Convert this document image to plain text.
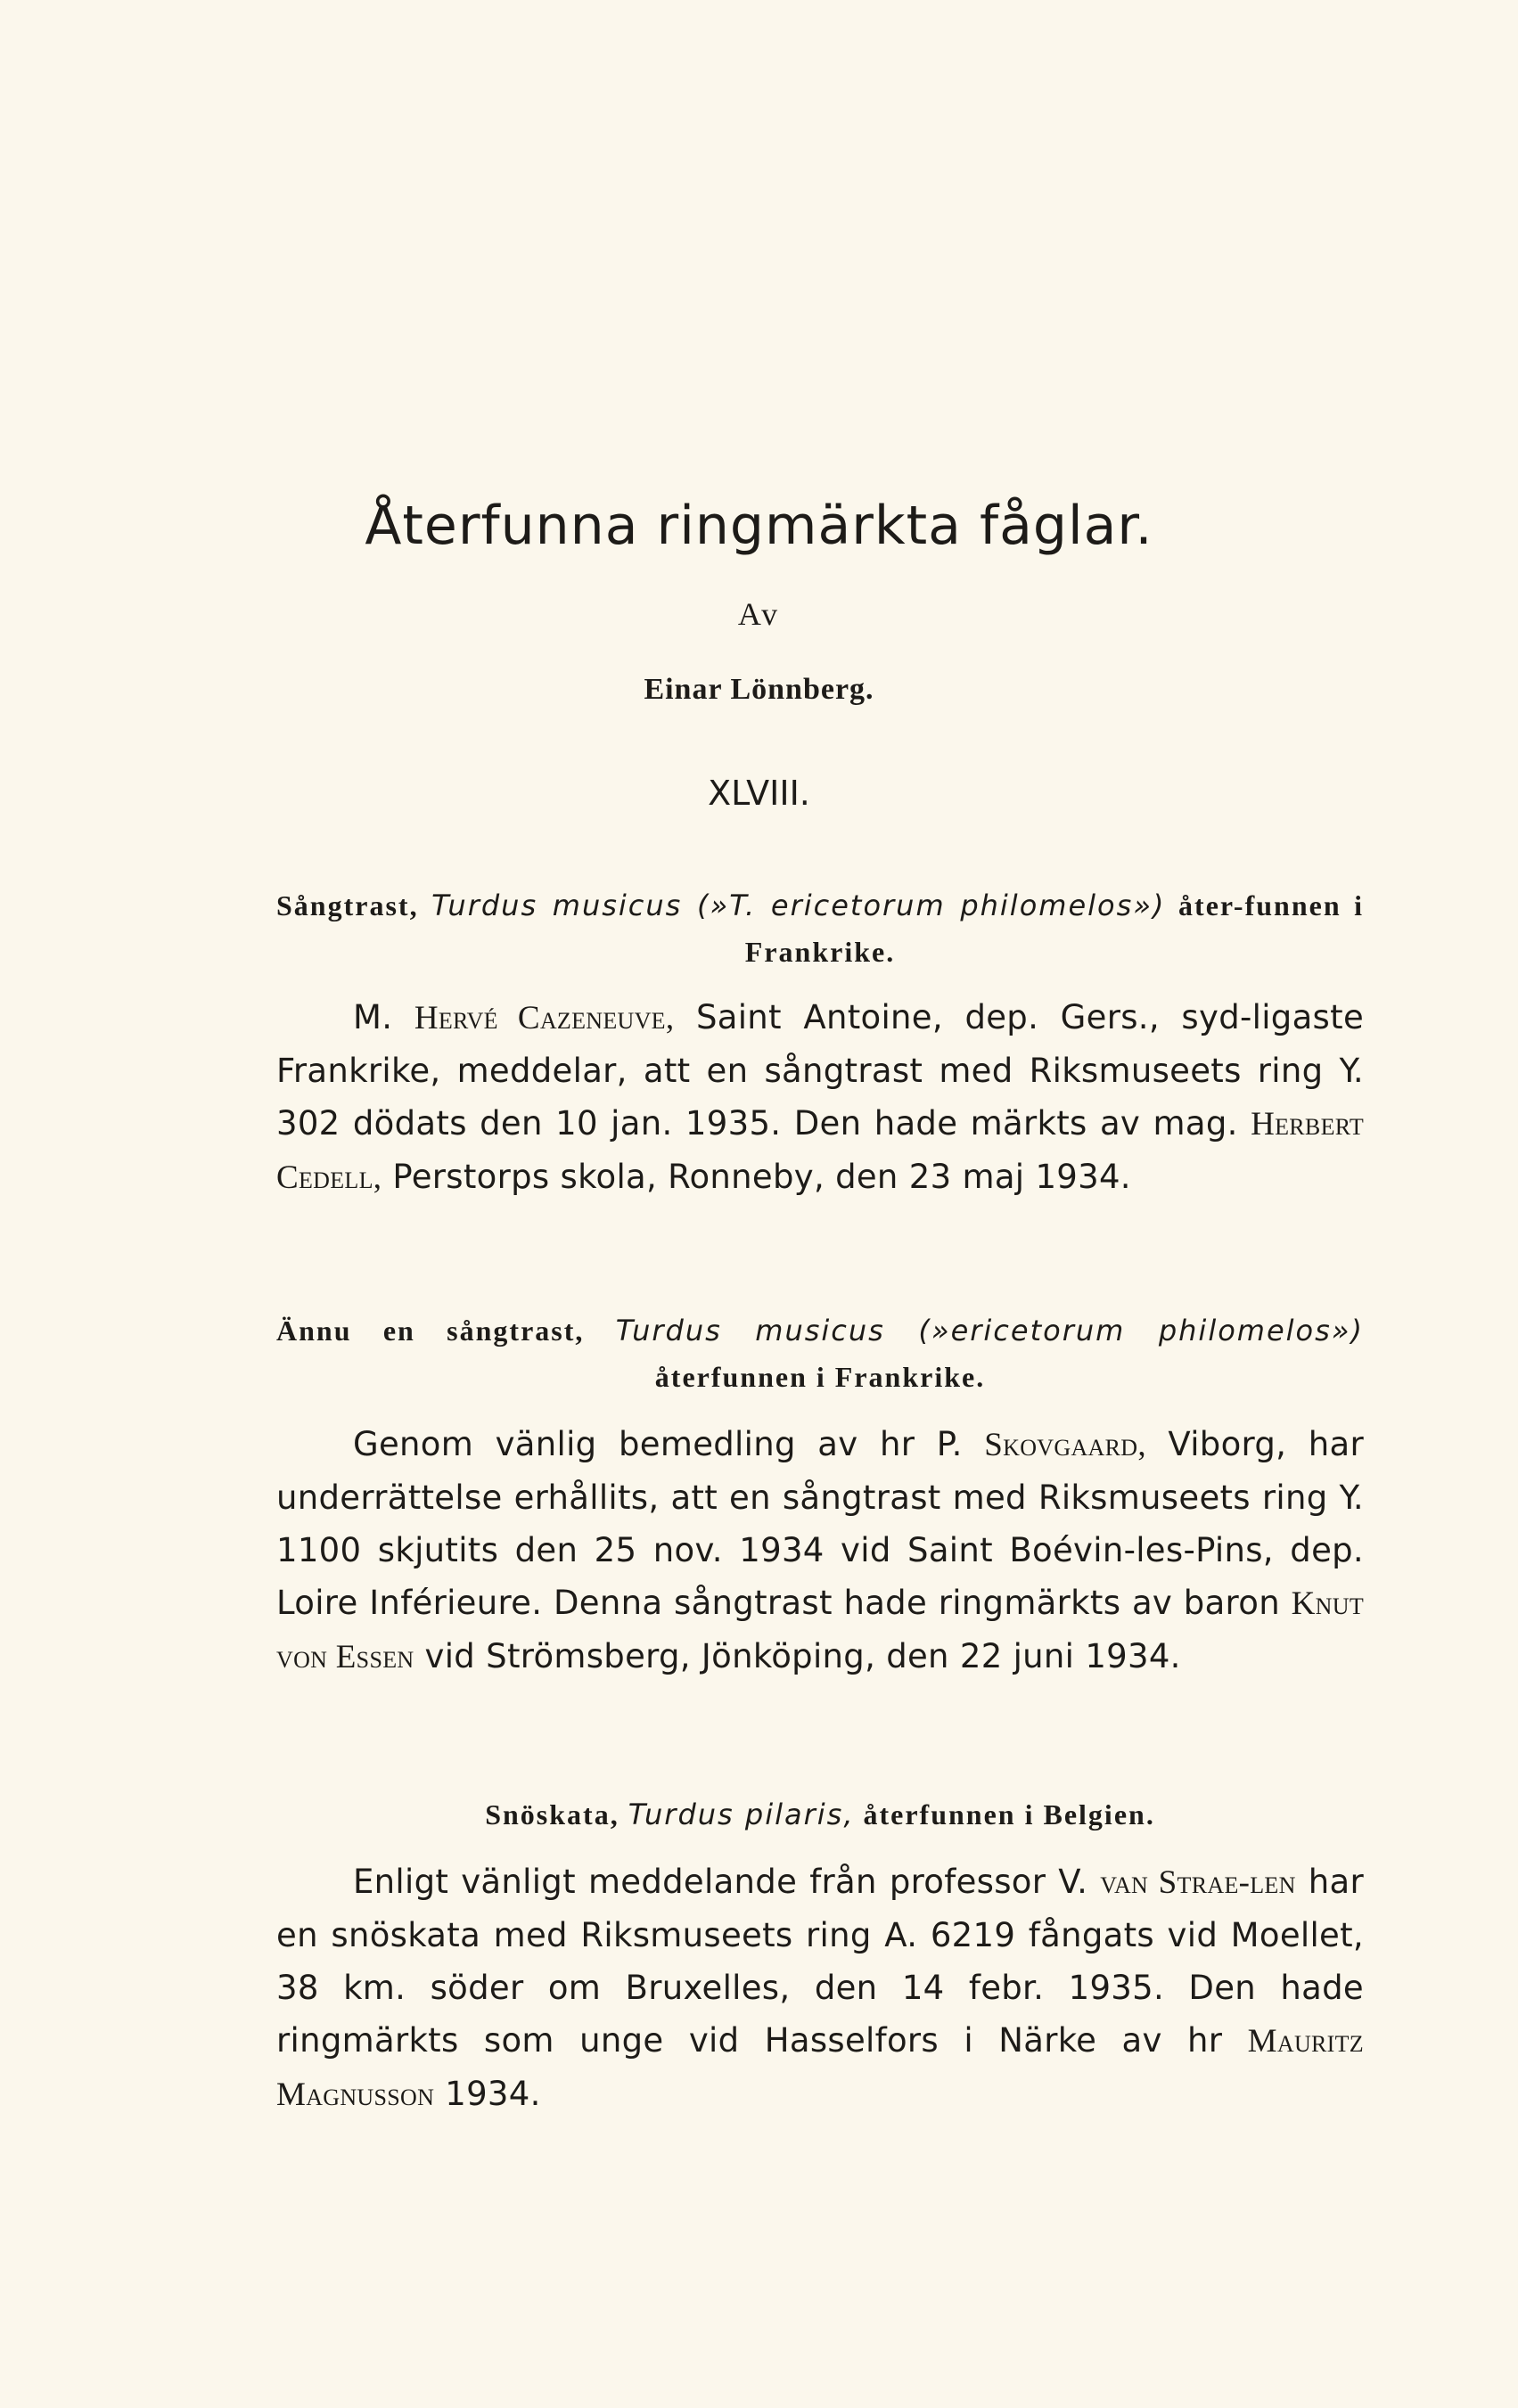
Återfunna ringmärkta fåglar.
Av
Einar Lönnberg.
XLVIII.
Sångtrast, Turdus musicus (»T. ericetorum philomelos») åter-funnen i Frankrike.
M. Hervé Cazeneuve, Saint Antoine, dep. Gers., syd-ligaste Frankrike, meddelar, att en sångtrast med Riksmuseets ring Y. 302 dödats den 10 jan. 1935. Den hade märkts av mag. Herbert Cedell, Perstorps skola, Ronneby, den 23 maj 1934.
Ännu en sångtrast, Turdus musicus (»ericetorum philomelos») återfunnen i Frankrike.
Genom vänlig bemedling av hr P. Skovgaard, Viborg, har underrättelse erhållits, att en sångtrast med Riksmuseets ring Y. 1100 skjutits den 25 nov. 1934 vid Saint Boévin-les-Pins, dep. Loire Inférieure. Denna sångtrast hade ringmärkts av baron Knut von Essen vid Strömsberg, Jönköping, den 22 juni 1934.
Snöskata, Turdus pilaris, återfunnen i Belgien.
Enligt vänligt meddelande från professor V. van Strae-len har en snöskata med Riksmuseets ring A. 6219 fångats vid Moellet, 38 km. söder om Bruxelles, den 14 febr. 1935. Den hade ringmärkts som unge vid Hasselfors i Närke av hr Mauritz Magnusson 1934.
